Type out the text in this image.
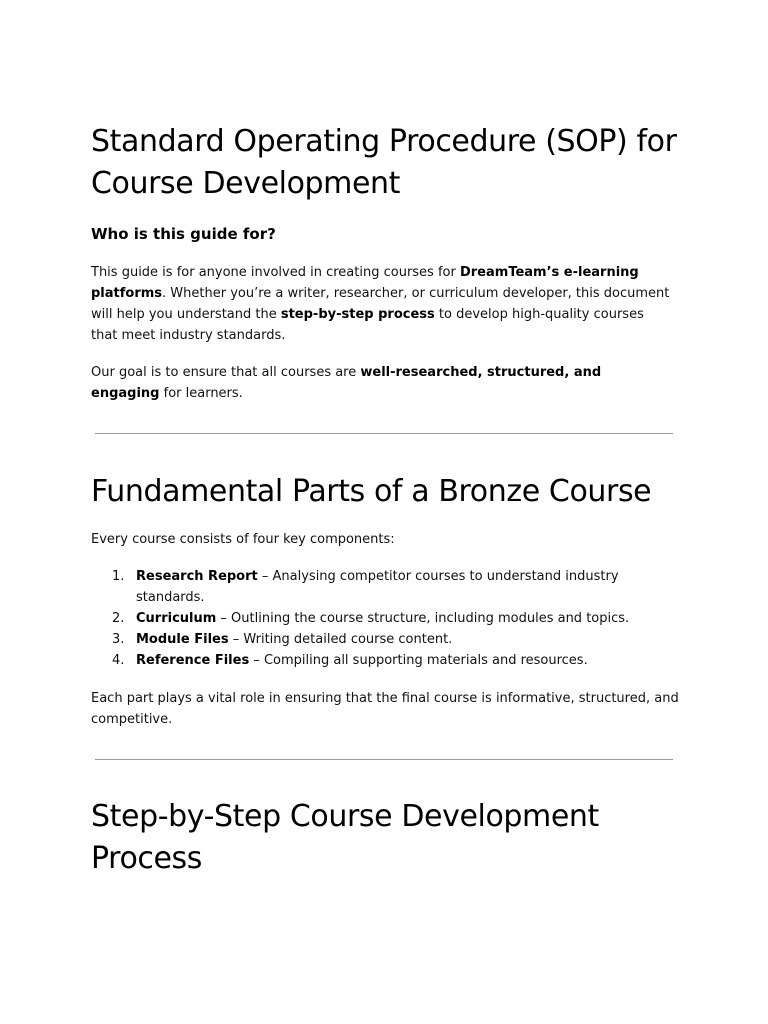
Standard Operating Procedure (SOP) for Course Development
Who is this guide for?

This guide is for anyone involved in creating courses for DreamTeam’s e-learning platforms. Whether you’re a writer, researcher, or curriculum developer, this document will help you understand the step-by-step process to develop high-quality courses that meet industry standards.

Our goal is to ensure that all courses are well-researched, structured, and engaging for learners.

Fundamental Parts of a Bronze Course

Every course consists of four key components:

1. Research Report – Analysing competitor courses to understand industry standards.
2. Curriculum – Outlining the course structure, including modules and topics.
3. Module Files – Writing detailed course content.
4. Reference Files – Compiling all supporting materials and resources.

Each part plays a vital role in ensuring that the final course is informative, structured, and competitive.

Step-by-Step Course Development Process
